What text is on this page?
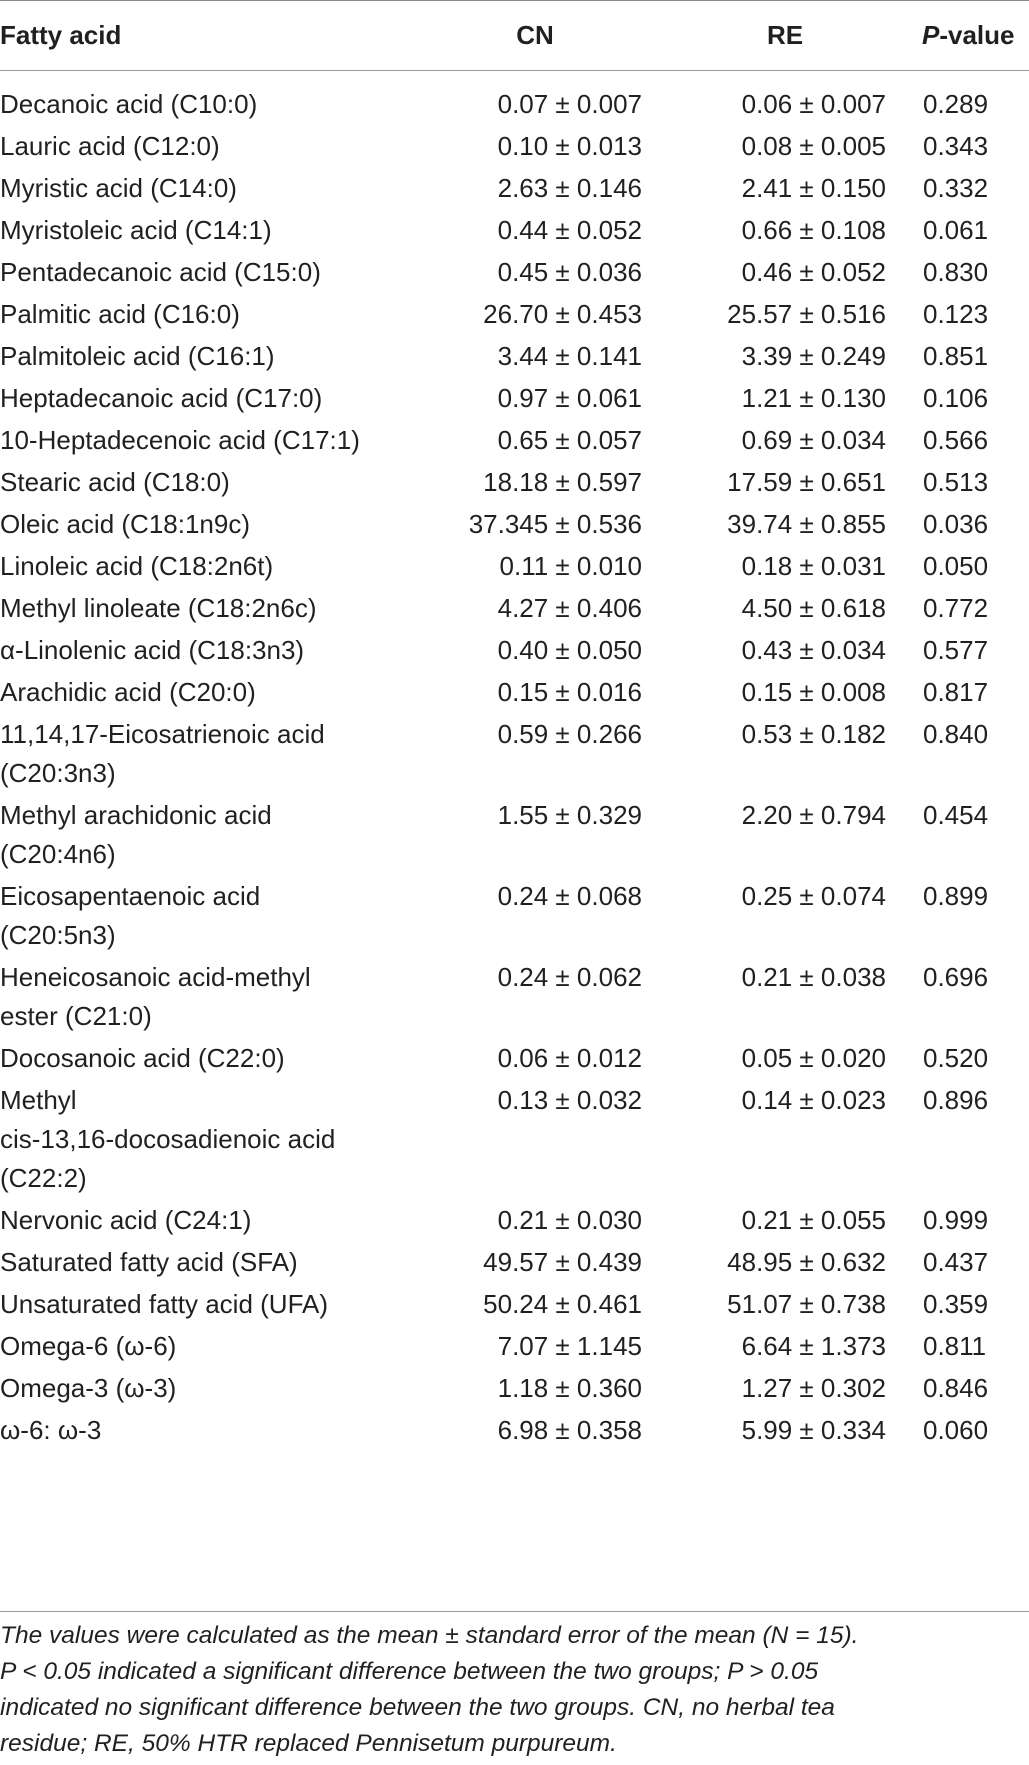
Fatty acid	CN	RE	P-value
Decanoic acid (C10:0)	0.07 ± 0.007	0.06 ± 0.007 0.289
Lauric acid (C12:0)	0.10 ± 0.013	0.08 ± 0.005 0.343
Myristic acid (C14:0)	2.63 ± 0.146	2.41 ± 0.150 0.332
Myristoleic acid (C14:1)	0.44 ± 0.052	0.66 ± 0.108 0.061
Pentadecanoic acid (C15:0)	0.45 ± 0.036	0.46 ± 0.052 0.830
Palmitic acid (C16:0)	26.70 ± 0.453	25.57 ± 0.516 0.123
Palmitoleic acid (C16:1)	3.44 ± 0.141	3.39 ± 0.249 0.851
Heptadecanoic acid (C17:0)	0.97 ± 0.061	1.21 ± 0.130 0.106
10-Heptadecenoic acid (C17:1)	0.65 ± 0.057	0.69 ± 0.034 0.566
Stearic acid (C18:0)	18.18 ± 0.597	17.59 ± 0.651 0.513
Oleic acid (C18:1n9c)	37.345 ± 0.536	39.74 ± 0.855 0.036
Linoleic acid (C18:2n6t)	0.11 ± 0.010	0.18 ± 0.031 0.050
Methyl linoleate (C18:2n6c)	4.27 ± 0.406	4.50 ± 0.618 0.772
α-Linolenic acid (C18:3n3)	0.40 ± 0.050	0.43 ± 0.034 0.577
Arachidic acid (C20:0)	0.15 ± 0.016	0.15 ± 0.008 0.817
11,14,17-Eicosatrienoic acid
(C20:3n3)
0.59 ± 0.266	0.53 ± 0.182 0.840
Methyl arachidonic acid
(C20:4n6)
1.55 ± 0.329	2.20 ± 0.794 0.454
Eicosapentaenoic acid
(C20:5n3)
0.24 ± 0.068	0.25 ± 0.074 0.899
Heneicosanoic acid-methyl
ester (C21:0)
0.24 ± 0.062	0.21 ± 0.038 0.696
Docosanoic acid (C22:0)	0.06 ± 0.012	0.05 ± 0.020 0.520
Methyl
cis-13,16-docosadienoic acid
(C22:2)
0.13 ± 0.032	0.14 ± 0.023 0.896
Nervonic acid (C24:1)	0.21 ± 0.030	0.21 ± 0.055 0.999
Saturated fatty acid (SFA)	49.57 ± 0.439	48.95 ± 0.632 0.437
Unsaturated fatty acid (UFA)	50.24 ± 0.461	51.07 ± 0.738 0.359
Omega-6 (ω-6)	7.07 ± 1.145	6.64 ± 1.373 0.811
Omega-3 (ω-3)	1.18 ± 0.360	1.27 ± 0.302 0.846
ω-6: ω-3	6.98 ± 0.358	5.99 ± 0.334 0.060
The values were calculated as the mean ± standard error of the mean (N = 15).
P < 0.05 indicated a significant difference between the two groups; P > 0.05
indicated no significant difference between the two groups. CN, no herbal tea
residue; RE, 50% HTR replaced Pennisetum purpureum.
